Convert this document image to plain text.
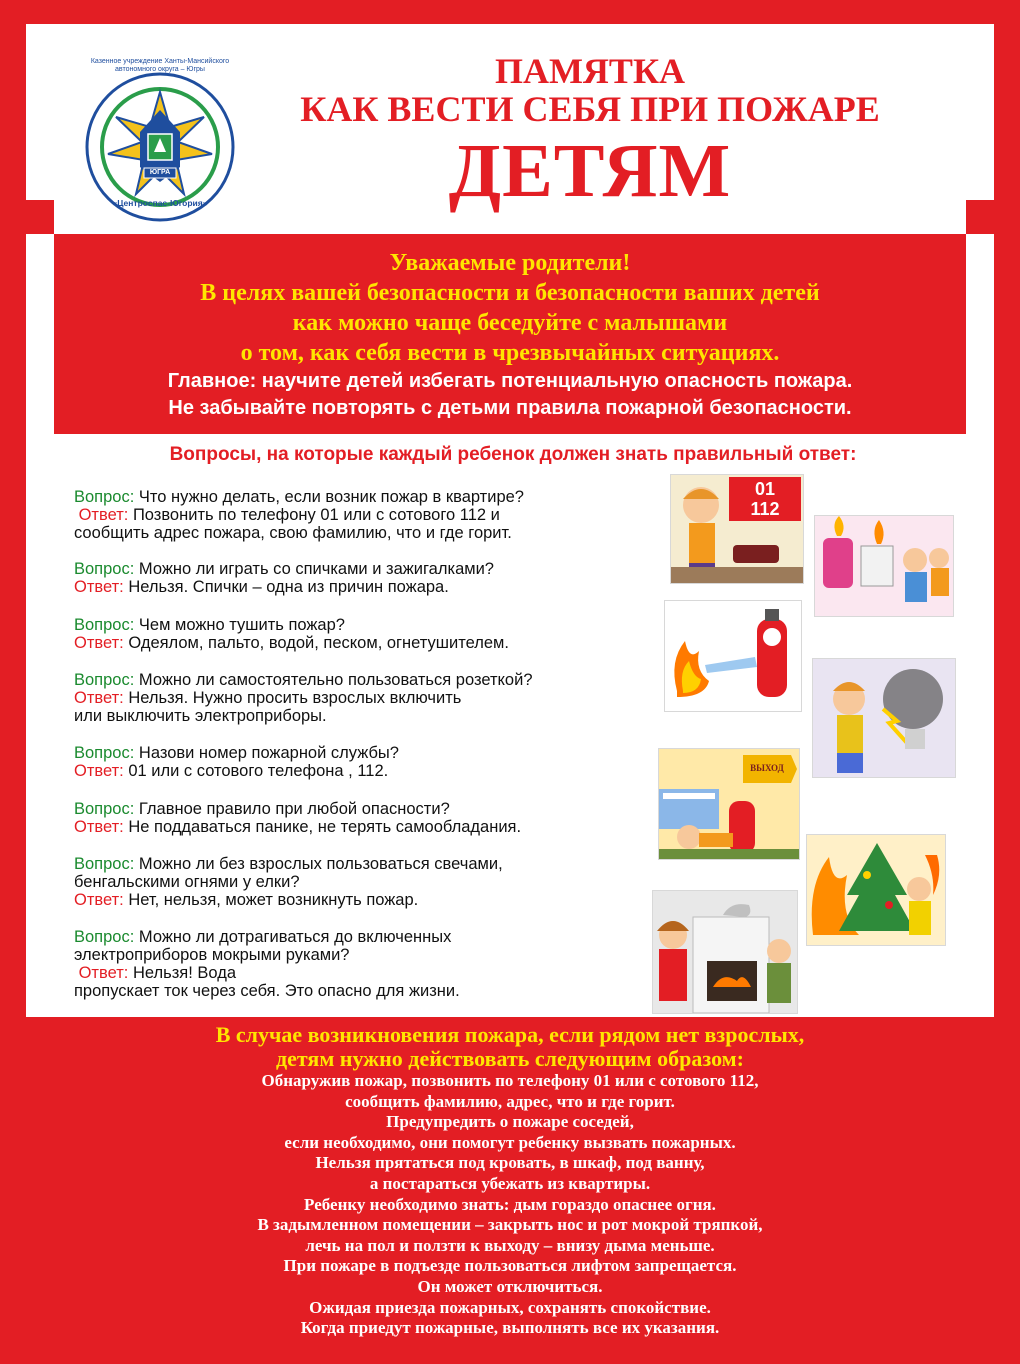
ЮГРА
«Центроспас-Югория»
Казенное учреждение Ханты-Мансийского автономного округа – Югры	ПАМЯТКА
КАК ВЕСТИ СЕБЯ ПРИ ПОЖАРЕ
ДЕТЯМ
Уважаемые родители!
В целях вашей безопасности и безопасности ваших детей
как можно чаще беседуйте с малышами
о том, как себя вести в чрезвычайных ситуациях.
Главное: научите детей избегать потенциальную опасность пожара.
Не забывайте повторять с детьми правила пожарной безопасности.
Вопросы, на которые каждый ребенок должен знать правильный ответ:
Вопрос: Что нужно делать, если возник пожар в квартире?
Ответ: Позвонить по телефону 01 или с сотового 112 и
сообщить адрес пожара, свою фамилию, что и где горит.
Вопрос: Можно ли играть со спичками и зажигалками?
Ответ: Нельзя. Спички – одна из причин пожара.
Вопрос: Чем можно тушить пожар?
Ответ: Одеялом, пальто, водой, песком, огнетушителем.
Вопрос: Можно ли самостоятельно пользоваться розеткой?
Ответ: Нельзя. Нужно просить взрослых включить
или выключить электроприборы.
Вопрос: Назови номер пожарной службы?
Ответ: 01 или с сотового телефона , 112.
Вопрос: Главное правило при любой опасности?
Ответ: Не поддаваться панике, не терять самообладания.
Вопрос: Можно ли без взрослых пользоваться свечами,
бенгальскими огнями у елки?
Ответ: Нет, нельзя, может возникнуть пожар.
Вопрос: Можно ли дотрагиваться до включенных
электроприборов мокрыми руками?
Ответ: Нельзя! Вода
пропускает ток через себя. Это опасно для жизни.
01
112
ВЫХОД
В случае возникновения пожара, если рядом нет взрослых,
детям нужно действовать следующим образом:
Обнаружив пожар, позвонить по телефону 01 или с сотового 112,
сообщить фамилию, адрес, что и где горит.
Предупредить о пожаре соседей,
если необходимо, они помогут ребенку вызвать пожарных.
Нельзя прятаться под кровать, в шкаф, под ванну,
а постараться убежать из квартиры.
Ребенку необходимо знать: дым гораздо опаснее огня.
В задымленном помещении – закрыть нос и рот мокрой тряпкой,
лечь на пол и ползти к выходу – внизу дыма меньше.
При пожаре в подъезде пользоваться лифтом запрещается.
Он может отключиться.
Ожидая приезда пожарных, сохранять спокойствие.
Когда приедут пожарные, выполнять все их указания.
